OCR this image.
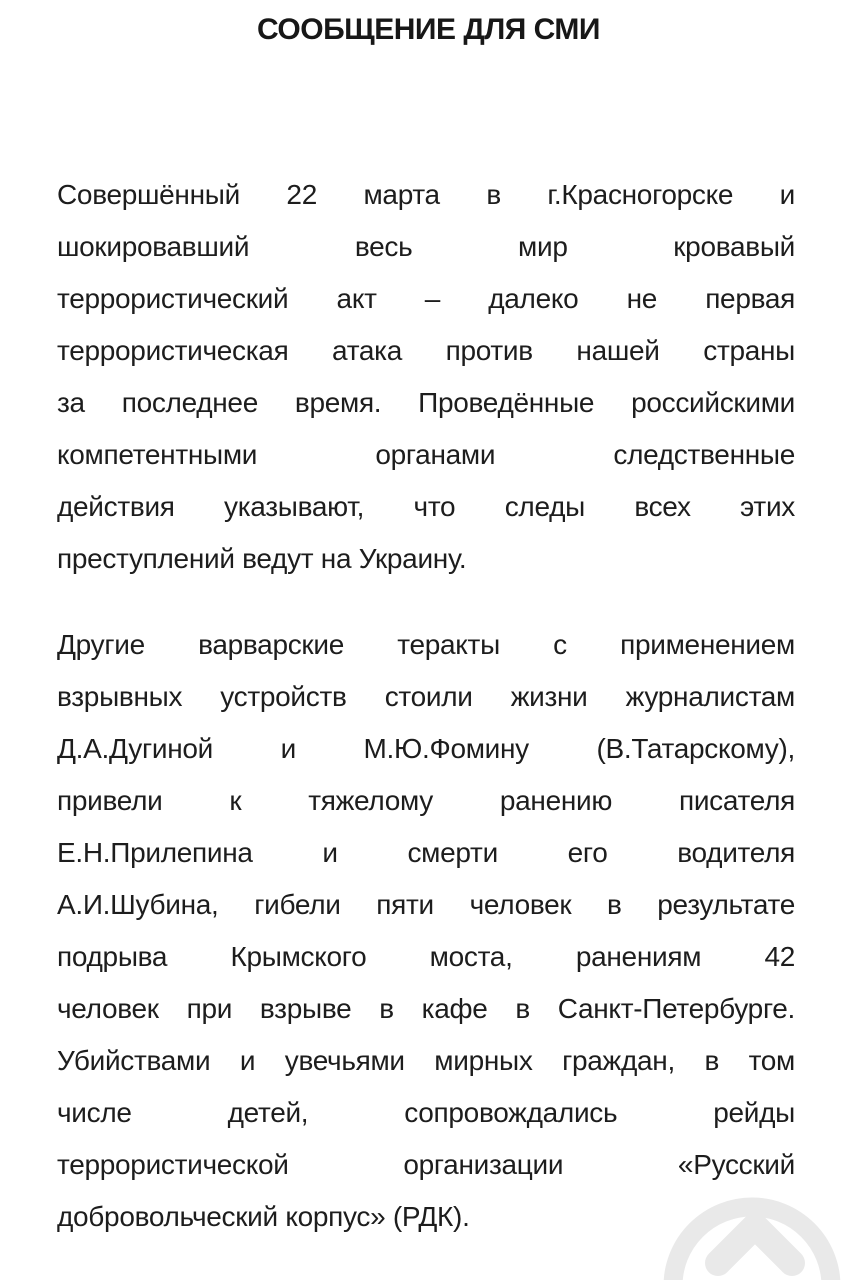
СООБЩЕНИЕ ДЛЯ СМИ
Совершённый 22 марта в г.Красногорске и
шокировавший весь мир кровавый
террористический акт – далеко не первая
террористическая атака против нашей страны
за последнее время. Проведённые российскими
компетентными органами следственные
действия указывают, что следы всех этих
преступлений ведут на Украину.
Другие варварские теракты с применением
взрывных устройств стоили жизни журналистам
Д.А.Дугиной и М.Ю.Фомину (В.Татарскому),
привели к тяжелому ранению писателя
Е.Н.Прилепина и смерти его водителя
А.И.Шубина, гибели пяти человек в результате
подрыва Крымского моста, ранениям 42
человек при взрыве в кафе в Санкт-Петербурге.
Убийствами и увечьями мирных граждан, в том
числе детей, сопровождались рейды
террористической организации «Русский
добровольческий корпус» (РДК).
